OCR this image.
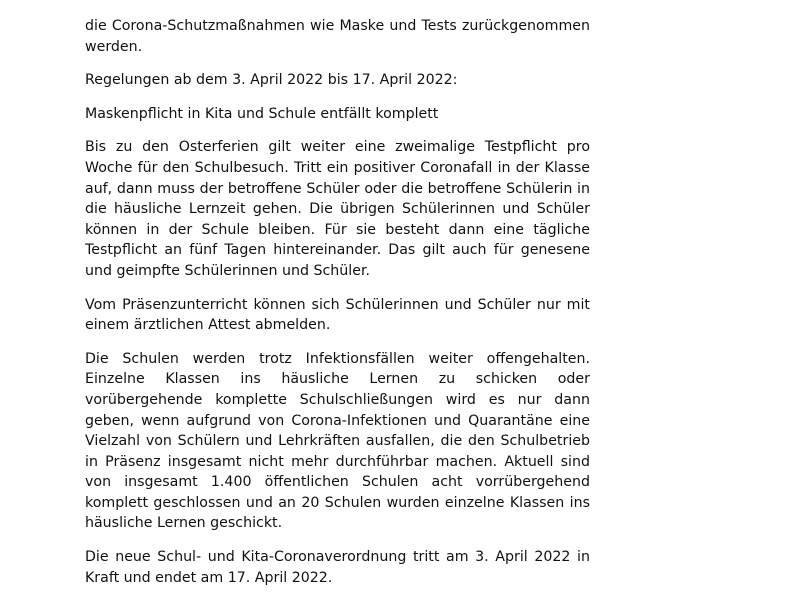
die Corona-Schutzmaßnahmen wie Maske und Tests zurückgenommen werden.

Regelungen ab dem 3. April 2022 bis 17. April 2022:

Maskenpflicht in Kita und Schule entfällt komplett

Bis zu den Osterferien gilt weiter eine zweimalige Testpflicht pro Woche für den Schulbesuch. Tritt ein positiver Coronafall in der Klasse auf, dann muss der betroffene Schüler oder die betroffene Schülerin in die häusliche Lernzeit gehen. Die übrigen Schülerinnen und Schüler können in der Schule bleiben. Für sie besteht dann eine tägliche Testpflicht an fünf Tagen hintereinander. Das gilt auch für genesene und geimpfte Schülerinnen und Schüler.

Vom Präsenzunterricht können sich Schülerinnen und Schüler nur mit einem ärztlichen Attest abmelden.

Die Schulen werden trotz Infektionsfällen weiter offengehalten. Einzelne Klassen ins häusliche Lernen zu schicken oder vorübergehende komplette Schulschließungen wird es nur dann geben, wenn aufgrund von Corona-Infektionen und Quarantäne eine Vielzahl von Schülern und Lehrkräften ausfallen, die den Schulbetrieb in Präsenz insgesamt nicht mehr durchführbar machen. Aktuell sind von insgesamt 1.400 öffentlichen Schulen acht vorrübergehend komplett geschlossen und an 20 Schulen wurden einzelne Klassen ins häusliche Lernen geschickt.

Die neue Schul- und Kita-Coronaverordnung tritt am 3. April 2022 in Kraft und endet am 17. April 2022.
